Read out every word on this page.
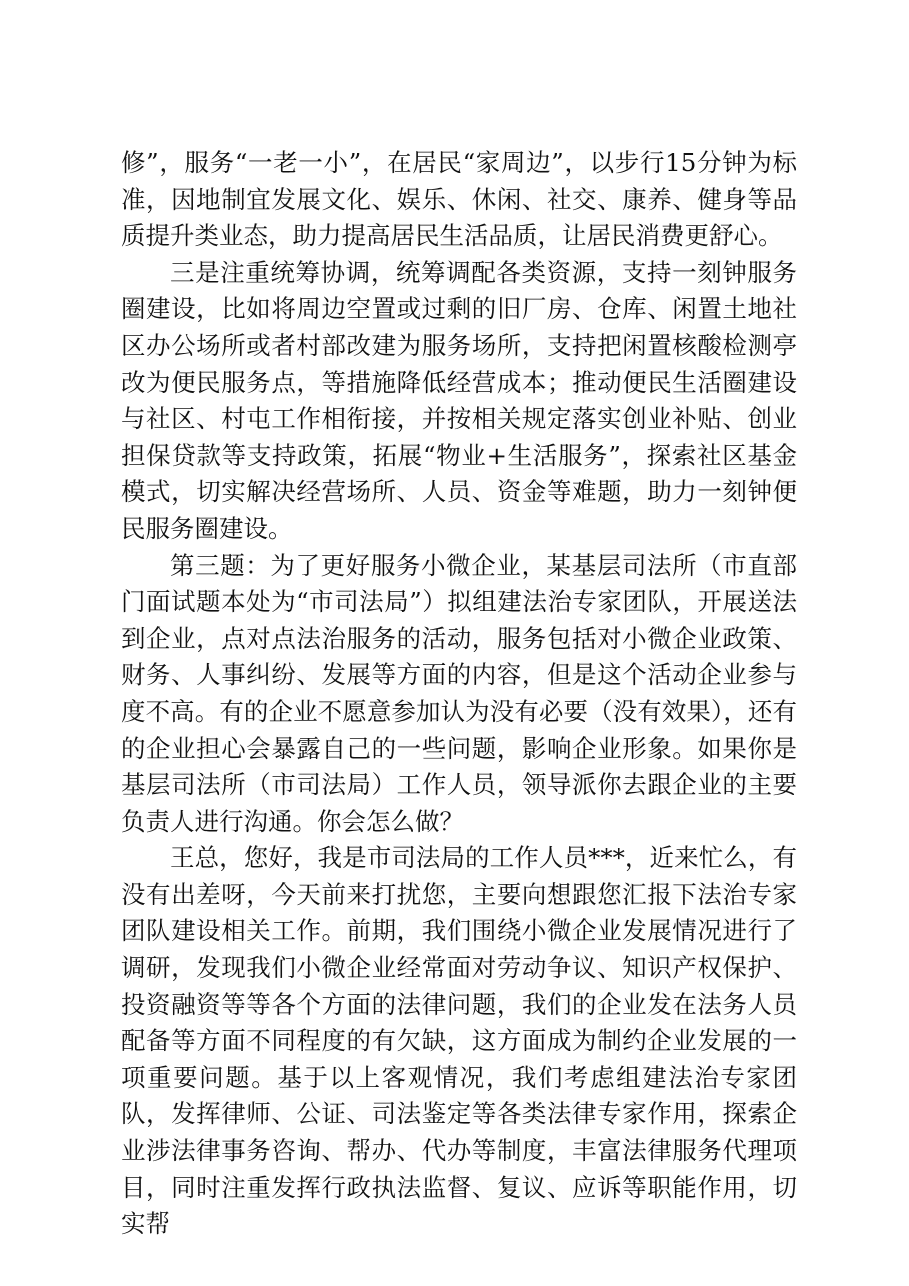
修”，服务“一老一小”，在居民“家周边”，以步行15分钟为标准，因地制宜发展文化、娱乐、休闲、社交、康养、健身等品质提升类业态，助力提高居民生活品质，让居民消费更舒心。

三是注重统筹协调，统筹调配各类资源，支持一刻钟服务圈建设，比如将周边空置或过剩的旧厂房、仓库、闲置土地社区办公场所或者村部改建为服务场所，支持把闲置核酸检测亭改为便民服务点，等措施降低经营成本；推动便民生活圈建设与社区、村屯工作相衔接，并按相关规定落实创业补贴、创业担保贷款等支持政策，拓展“物业+生活服务”，探索社区基金模式，切实解决经营场所、人员、资金等难题，助力一刻钟便民服务圈建设。

第三题：为了更好服务小微企业，某基层司法所（市直部门面试题本处为“市司法局”）拟组建法治专家团队，开展送法到企业，点对点法治服务的活动，服务包括对小微企业政策、财务、人事纠纷、发展等方面的内容，但是这个活动企业参与度不高。有的企业不愿意参加认为没有必要（没有效果），还有的企业担心会暴露自己的一些问题，影响企业形象。如果你是基层司法所（市司法局）工作人员，领导派你去跟企业的主要负责人进行沟通。你会怎么做？

王总，您好，我是市司法局的工作人员***，近来忙么，有没有出差呀，今天前来打扰您，主要向想跟您汇报下法治专家团队建设相关工作。前期，我们围绕小微企业发展情况进行了调研，发现我们小微企业经常面对劳动争议、知识产权保护、投资融资等等各个方面的法律问题，我们的企业发在法务人员配备等方面不同程度的有欠缺，这方面成为制约企业发展的一项重要问题。基于以上客观情况，我们考虑组建法治专家团队，发挥律师、公证、司法鉴定等各类法律专家作用，探索企业涉法律事务咨询、帮办、代办等制度，丰富法律服务代理项目，同时注重发挥行政执法监督、复议、应诉等职能作用，切实帮
